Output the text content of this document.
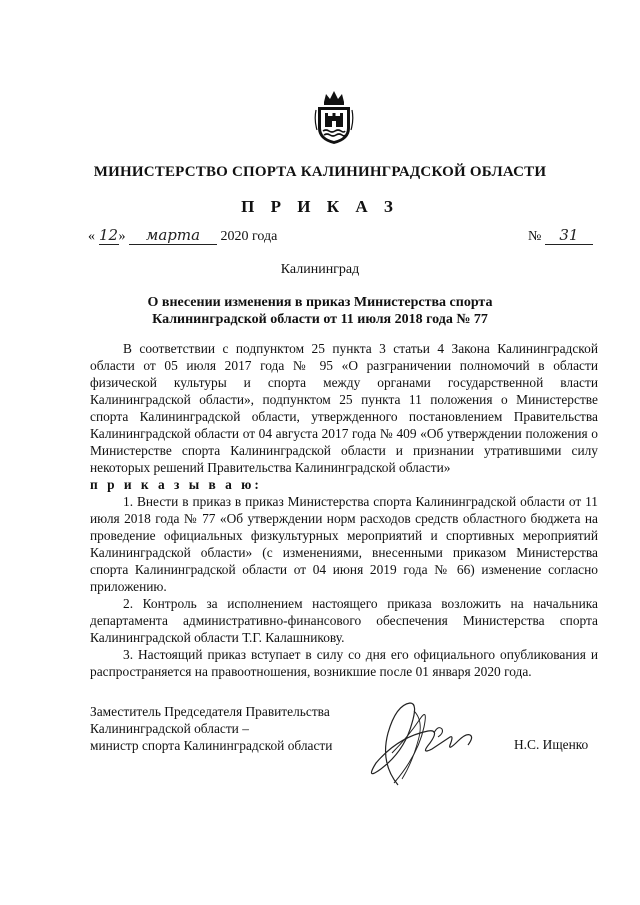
МИНИСТЕРСТВО СПОРТА КАЛИНИНГРАДСКОЙ ОБЛАСТИ
П Р И К А З
« 12» марта 2020 года	№ 31
Калининград
О внесении изменения в приказ Министерства спорта
Калининградской области от 11 июля 2018 года № 77

В соответствии с подпунктом 25 пункта 3 статьи 4 Закона Калининградской области от 05 июля 2017 года № 95 «О разграничении полномочий в области физической культуры и спорта между органами государственной власти Калининградской области», подпунктом 25 пункта 11 положения о Министерстве спорта Калининградской области, утвержденного постановлением Правительства Калининградской области от 04 августа 2017 года № 409 «Об утверждении положения о Министерстве спорта Калининградской области и признании утратившими силу некоторых решений Правительства Калининградской области»

п р и к а з ы в а ю:

1. Внести в приказ в приказ Министерства спорта Калининградской области от 11 июля 2018 года № 77 «Об утверждении норм расходов средств областного бюджета на проведение официальных физкультурных мероприятий и спортивных мероприятий Калининградской области» (с изменениями, внесенными приказом Министерства спорта Калининградской области от 04 июня 2019 года № 66) изменение согласно приложению.

2. Контроль за исполнением настоящего приказа возложить на начальника департамента административно-финансового обеспечения Министерства спорта Калининградской области Т.Г. Калашникову.

3. Настоящий приказ вступает в силу со дня его официального опубликования и распространяется на правоотношения, возникшие после 01 января 2020 года.

Заместитель Председателя Правительства
Калининградской области –
министр спорта Калининградской области	Н.С. Ищенко
